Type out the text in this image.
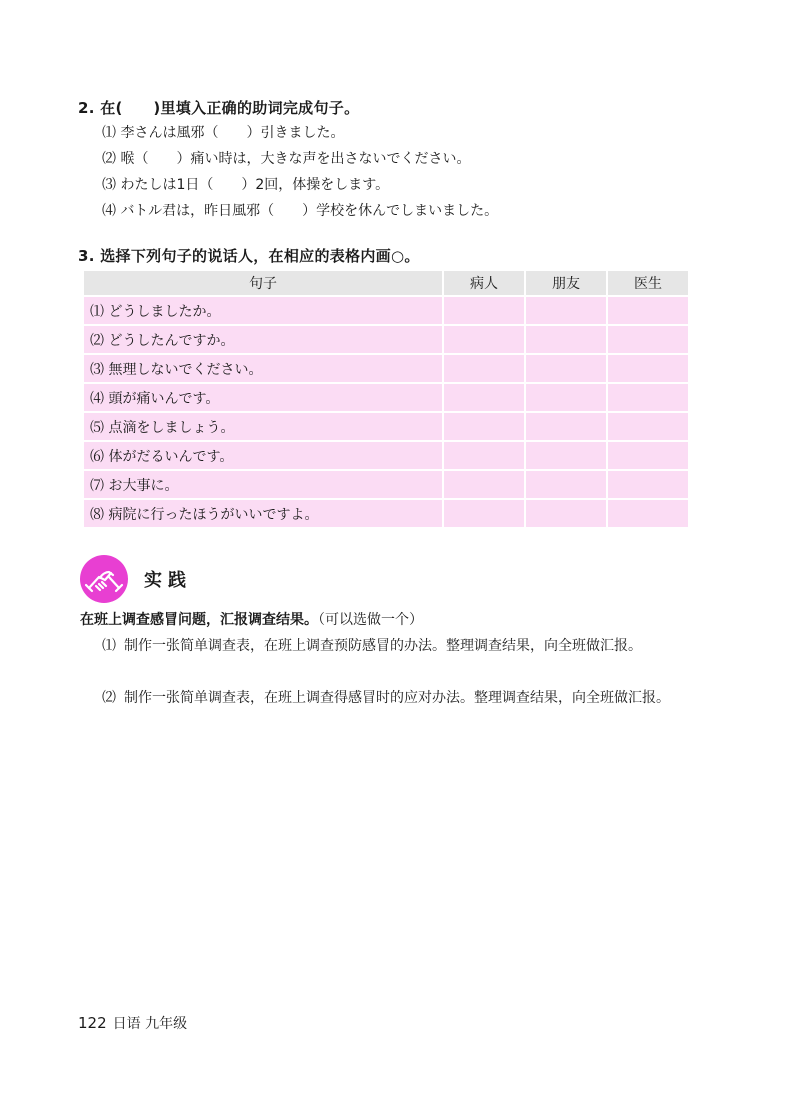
2. 在(　　)里填入正确的助词完成句子。
⑴ 李さんは風邪（　　）引きました。
⑵ 喉（　　）痛い時は，大きな声を出さないでください。
⑶ わたしは1日（　　）2回，体操をします。
⑷ バトル君は，昨日風邪（　　）学校を休んでしまいました。
3. 选择下列句子的说话人，在相应的表格内画○。
句子	病人	朋友	医生
⑴ どうしましたか。			
⑵ どうしたんですか。			
⑶ 無理しないでください。			
⑷ 頭が痛いんです。			
⑸ 点滴をしましょう。			
⑹ 体がだるいんです。			
⑺ お大事に。			
⑻ 病院に行ったほうがいいですよ。			
实践
在班上调查感冒问题，汇报调查结果。（可以选做一个）
⑴ 制作一张简单调查表，在班上调查预防感冒的办法。整理调查结果，向全班做汇报。
⑵ 制作一张简单调查表，在班上调查得感冒时的应对办法。整理调查结果，向全班做汇报。
122 日语 九年级
